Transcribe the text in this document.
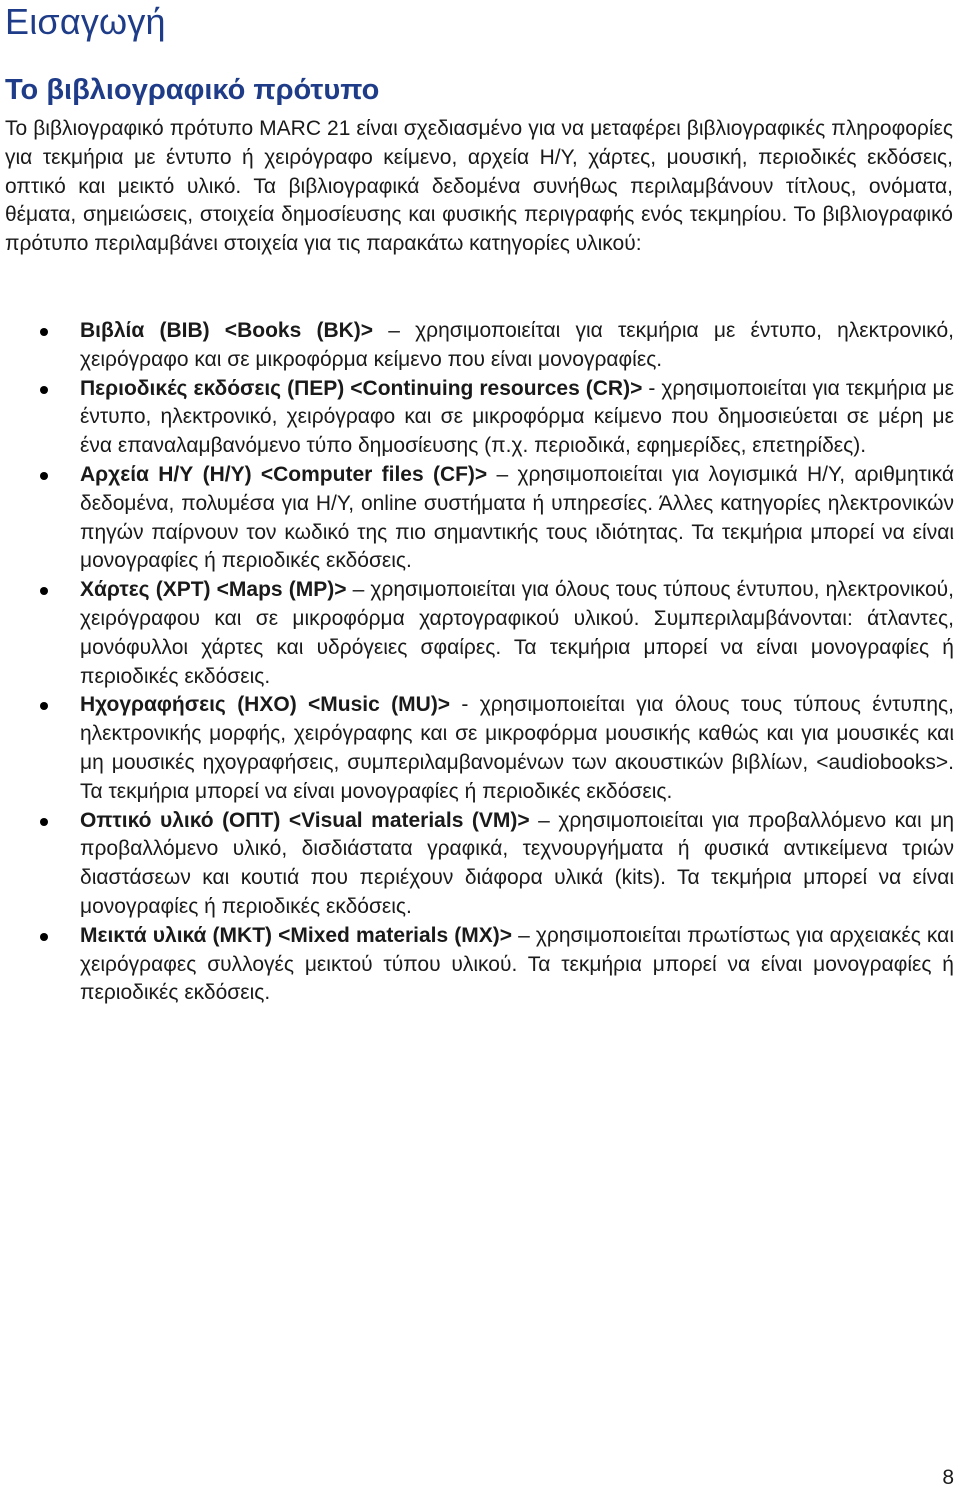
Εισαγωγή
Το βιβλιογραφικό πρότυπο

Το βιβλιογραφικό πρότυπο MARC 21 είναι σχεδιασμένο για να μεταφέρει βιβλιογραφικές πληροφορίες για τεκμήρια με έντυπο ή χειρόγραφο κείμενο, αρχεία Η/Υ, χάρτες, μουσική, περιοδικές εκδόσεις, οπτικό και μεικτό υλικό. Τα βιβλιογραφικά δεδομένα συνήθως περιλαμβάνουν τίτλους, ονόματα, θέματα, σημειώσεις, στοιχεία δημοσίευσης και φυσικής περιγραφής ενός τεκμηρίου. Το βιβλιογραφικό πρότυπο περιλαμβάνει στοιχεία για τις παρακάτω κατηγορίες υλικού:

Βιβλία (ΒΙΒ) <Books (BK)> – χρησιμοποιείται για τεκμήρια με έντυπο, ηλεκτρονικό, χειρόγραφο και σε μικροφόρμα κείμενο που είναι μονογραφίες.
Περιοδικές εκδόσεις (ΠΕΡ) <Continuing resources (CR)> - χρησιμοποιείται για τεκμήρια με έντυπο, ηλεκτρονικό, χειρόγραφο και σε μικροφόρμα κείμενο που δημοσιεύεται σε μέρη με ένα επαναλαμβανόμενο τύπο δημοσίευσης (π.χ. περιοδικά, εφημερίδες, επετηρίδες).
Αρχεία Η/Υ (Η/Υ) <Computer files (CF)> – χρησιμοποιείται για λογισμικά Η/Υ, αριθμητικά δεδομένα, πολυμέσα για Η/Υ, online συστήματα ή υπηρεσίες. Άλλες κατηγορίες ηλεκτρονικών πηγών παίρνουν τον κωδικό της πιο σημαντικής τους ιδιότητας. Τα τεκμήρια μπορεί να είναι μονογραφίες ή περιοδικές εκδόσεις.
Χάρτες (ΧΡΤ) <Maps (MP)> – χρησιμοποιείται για όλους τους τύπους έντυπου, ηλεκτρονικού, χειρόγραφου και σε μικροφόρμα χαρτογραφικού υλικού. Συμπεριλαμβάνονται: άτλαντες, μονόφυλλοι χάρτες και υδρόγειες σφαίρες. Τα τεκμήρια μπορεί να είναι μονογραφίες ή περιοδικές εκδόσεις.
Ηχογραφήσεις (ΗΧΟ) <Music (MU)> - χρησιμοποιείται για όλους τους τύπους έντυπης, ηλεκτρονικής μορφής, χειρόγραφης και σε μικροφόρμα μουσικής καθώς και για μουσικές και μη μουσικές ηχογραφήσεις, συμπεριλαμβανομένων των ακουστικών βιβλίων, <audiobooks>. Τα τεκμήρια μπορεί να είναι μονογραφίες ή περιοδικές εκδόσεις.
Οπτικό υλικό (ΟΠΤ) <Visual materials (VM)> – χρησιμοποιείται για προβαλλόμενο και μη προβαλλόμενο υλικό, δισδιάστατα γραφικά, τεχνουργήματα ή φυσικά αντικείμενα τριών διαστάσεων και κουτιά που περιέχουν διάφορα υλικά (kits). Τα τεκμήρια μπορεί να είναι μονογραφίες ή περιοδικές εκδόσεις.
Μεικτά υλικά (ΜΚΤ) <Mixed materials (MX)> – χρησιμοποιείται πρωτίστως για αρχειακές και χειρόγραφες συλλογές μεικτού τύπου υλικού. Τα τεκμήρια μπορεί να είναι μονογραφίες ή περιοδικές εκδόσεις.
8
